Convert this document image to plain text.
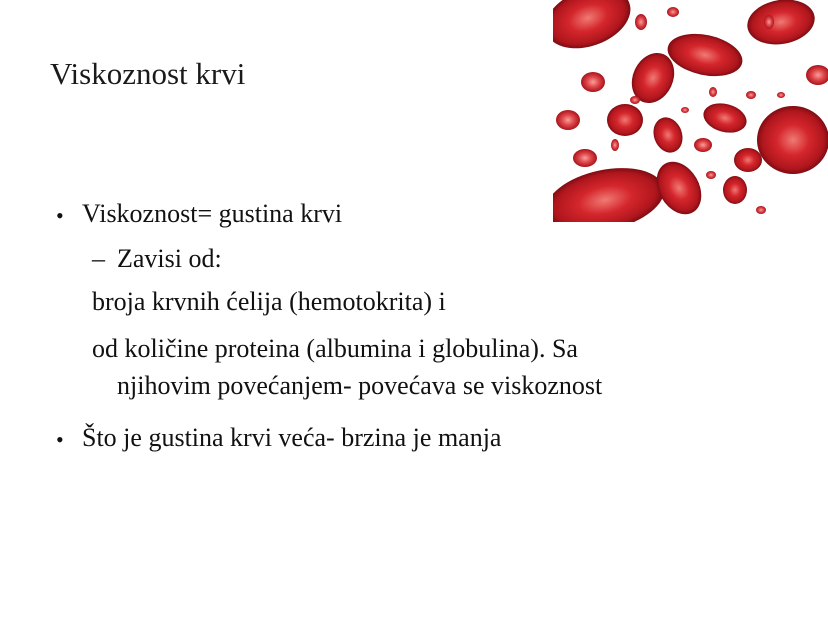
Viskoznost krvi
• Viskoznost= gustina krvi
– Zavisi od:
broja krvnih ćelija (hemotokrita) i
od količine proteina (albumina i globulina). Sa
njihovim povećanjem- povećava se viskoznost
• Što je gustina krvi veća- brzina je manja
